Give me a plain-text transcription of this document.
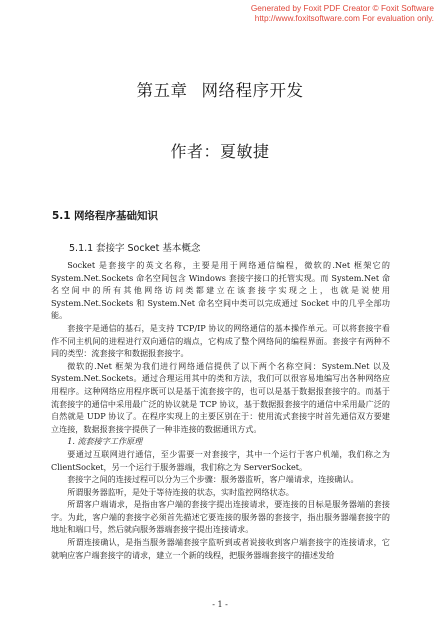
Generated by Foxit PDF Creator © Foxit Software
http://www.foxitsoftware.com For evaluation only.
第五章 网络程序开发
作者：夏敏捷
5.1 网络程序基础知识
5.1.1 套接字 Socket 基本概念

Socket 是套接字的英文名称，主要是用于网络通信编程，微软的.Net 框架它的System.Net.Sockets 命名空间包含 Windows 套接字接口的托管实现。而 System.Net 命名空间中的所有其他网络访问类都建立在该套接字实现之上，也就是说使用System.Net.Sockets 和 System.Net 命名空间中类可以完成通过 Socket 中的几乎全部功能。

套接字是通信的基石，是支持 TCP/IP 协议的网络通信的基本操作单元。可以将套接字看作不同主机间的进程进行双向通信的端点，它构成了整个网络间的编程界面。套接字有两种不同的类型：流套接字和数据报套接字。

微软的.Net 框架为我们进行网络通信提供了以下两个名称空间：System.Net 以及System.Net.Sockets。通过合理运用其中的类和方法，我们可以很容易地编写出各种网络应用程序。这种网络应用程序既可以是基于流套接字的，也可以是基于数据报套接字的。而基于流套接字的通信中采用最广泛的协议就是 TCP 协议，基于数据报套接字的通信中采用最广泛的自然就是 UDP 协议了。在程序实现上的主要区别在于：使用流式套接字时首先通信双方要建立连接，数据报套接字提供了一种非连接的数据通讯方式。

1. 流套接字工作原理

要通过互联网进行通信，至少需要一对套接字，其中一个运行于客户机端，我们称之为 ClientSocket，另一个运行于服务器端，我们称之为 ServerSocket。

套接字之间的连接过程可以分为三个步骤：服务器监听，客户端请求，连接确认。

所谓服务器监听，是处于等待连接的状态，实时监控网络状态。

所谓客户端请求，是指由客户端的套接字提出连接请求，要连接的目标是服务器端的套接字。为此，客户端的套接字必须首先描述它要连接的服务器的套接字，指出服务器端套接字的地址和端口号，然后就向服务器端套接字提出连接请求。

所谓连接确认，是指当服务器端套接字监听到或者说接收到客户端套接字的连接请求，它就响应客户端套接字的请求，建立一个新的线程，把服务器端套接字的描述发给

- 1 -
